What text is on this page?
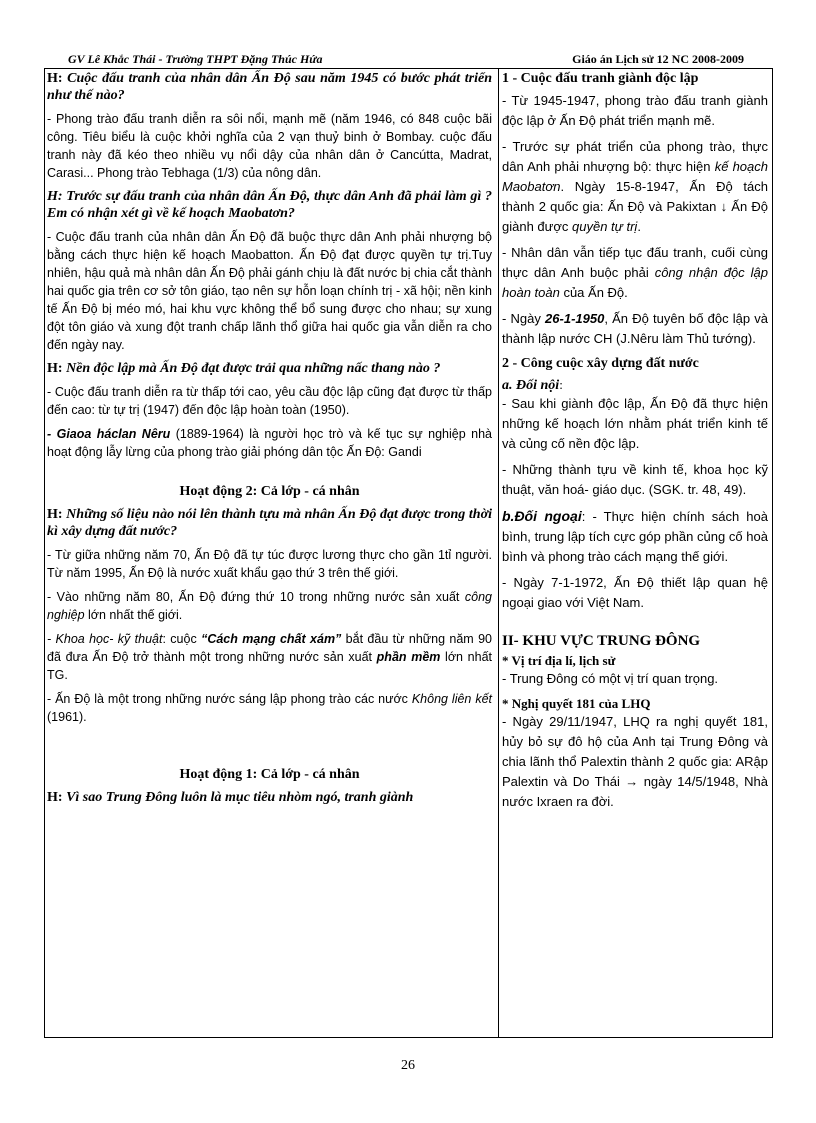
GV Lê Khắc Thái - Trường THPT Đặng Thúc Hứa	Giáo án Lịch sử 12 NC 2008-2009

H: Cuộc đấu tranh của nhân dân Ấn Độ sau năm 1945 có bước phát triển như thế nào?

- Phong trào đấu tranh diễn ra sôi nổi, mạnh mẽ (năm 1946, có 848 cuộc bãi công. Tiêu biểu là cuộc khởi nghĩa của 2 vạn thuỷ binh ở Bombay. cuộc đấu tranh này đã kéo theo nhiều vụ nổi dậy của nhân dân ở Cancútta, Madrat, Carasi... Phong trào Tebhaga (1/3) của nông dân.

H: Trước sự đấu tranh của nhân dân Ấn Độ, thực dân Anh đã phải làm gì ? Em có nhận xét gì về kế hoạch Maobatơn?

- Cuộc đấu tranh của nhân dân Ấn Độ đã buộc thực dân Anh phải nhượng bộ bằng cách thực hiện kế hoạch Maobatton. Ấn Độ đạt được quyền tự trị.Tuy nhiên, hậu quả mà nhân dân Ấn Độ phải gánh chịu là đất nước bị chia cắt thành hai quốc gia trên cơ sở tôn giáo, tạo nên sự hỗn loạn chính trị - xã hội; nền kinh tế Ấn Độ bị méo mó, hai khu vực không thể bổ sung được cho nhau; sự xung đột tôn giáo và xung đột tranh chấp lãnh thổ giữa hai quốc gia vẫn diễn ra cho đến ngày nay.

H: Nền độc lập mà Ấn Độ đạt được trải qua những nấc thang nào ?

- Cuộc đấu tranh diễn ra từ thấp tới cao, yêu cầu độc lập cũng đạt được từ thấp đến cao: từ tự trị (1947) đến độc lập hoàn toàn (1950).

- Giaoa háclan Nêru (1889-1964) là người học trò và kế tục sự nghiệp nhà hoạt động lẫy lừng của phong trào giải phóng dân tộc Ấn Độ: Gandi

Hoạt động 2: Cả lớp - cá nhân

H: Những số liệu nào nói lên thành tựu mà nhân Ấn Độ đạt được trong thời kì xây dựng đất nước?

- Từ giữa những năm 70, Ấn Độ đã tự túc được lương thực cho gần 1tỉ người. Từ năm 1995, Ấn Độ là nước xuất khẩu gạo thứ 3 trên thế giới.

- Vào những năm 80, Ấn Độ đứng thứ 10 trong những nước sản xuất công nghiệp lớn nhất thế giới.

- Khoa học- kỹ thuật: cuộc “Cách mạng chất xám” bắt đầu từ những năm 90 đã đưa Ấn Độ trở thành một trong những nước sản xuất phần mềm lớn nhất TG.

- Ấn Độ là một trong những nước sáng lập phong trào các nước Không liên kết (1961).

Hoạt động 1: Cả lớp - cá nhân

H: Vì sao Trung Đông luôn là mục tiêu nhòm ngó, tranh giành

1 - Cuộc đấu tranh giành độc lập

- Từ 1945-1947, phong trào đấu tranh giành độc lập ở Ấn Độ phát triển mạnh mẽ.

- Trước sự phát triển của phong trào, thực dân Anh phải nhượng bộ: thực hiện kế hoạch Maobatơn. Ngày 15-8-1947, Ấn Độ tách thành 2 quốc gia: Ấn Độ và Pakixtan ↓ Ấn Độ giành được quyền tự trị.

- Nhân dân vẫn tiếp tục đấu tranh, cuối cùng thực dân Anh buộc phải công nhận độc lập hoàn toàn của Ấn Độ.

- Ngày 26-1-1950, Ấn Độ tuyên bố độc lập và thành lập nước CH (J.Nêru làm Thủ tướng).

2 - Công cuộc xây dựng đất nước
a. Đối nội:

- Sau khi giành độc lập, Ấn Độ đã thực hiện những kế hoạch lớn nhằm phát triển kinh tế và củng cố nền độc lập.

- Những thành tựu về kinh tế, khoa học kỹ thuật, văn hoá- giáo dục. (SGK. tr. 48, 49).

b.Đối ngoại: - Thực hiện chính sách hoà bình, trung lập tích cực góp phần củng cố hoà bình và phong trào cách mạng thế giới.

- Ngày 7-1-1972, Ấn Độ thiết lập quan hệ ngoại giao với Việt Nam.

II- KHU VỰC TRUNG ĐÔNG
* Vị trí địa lí, lịch sử

- Trung Đông có một vị trí quan trọng.

* Nghị quyết 181 của LHQ

- Ngày 29/11/1947, LHQ ra nghị quyết 181, hủy bỏ sự đô hộ của Anh tại Trung Đông và chia lãnh thổ Palextin thành 2 quốc gia: ARập Palextin và Do Thái → ngày 14/5/1948, Nhà nước Ixraen ra đời.

26
